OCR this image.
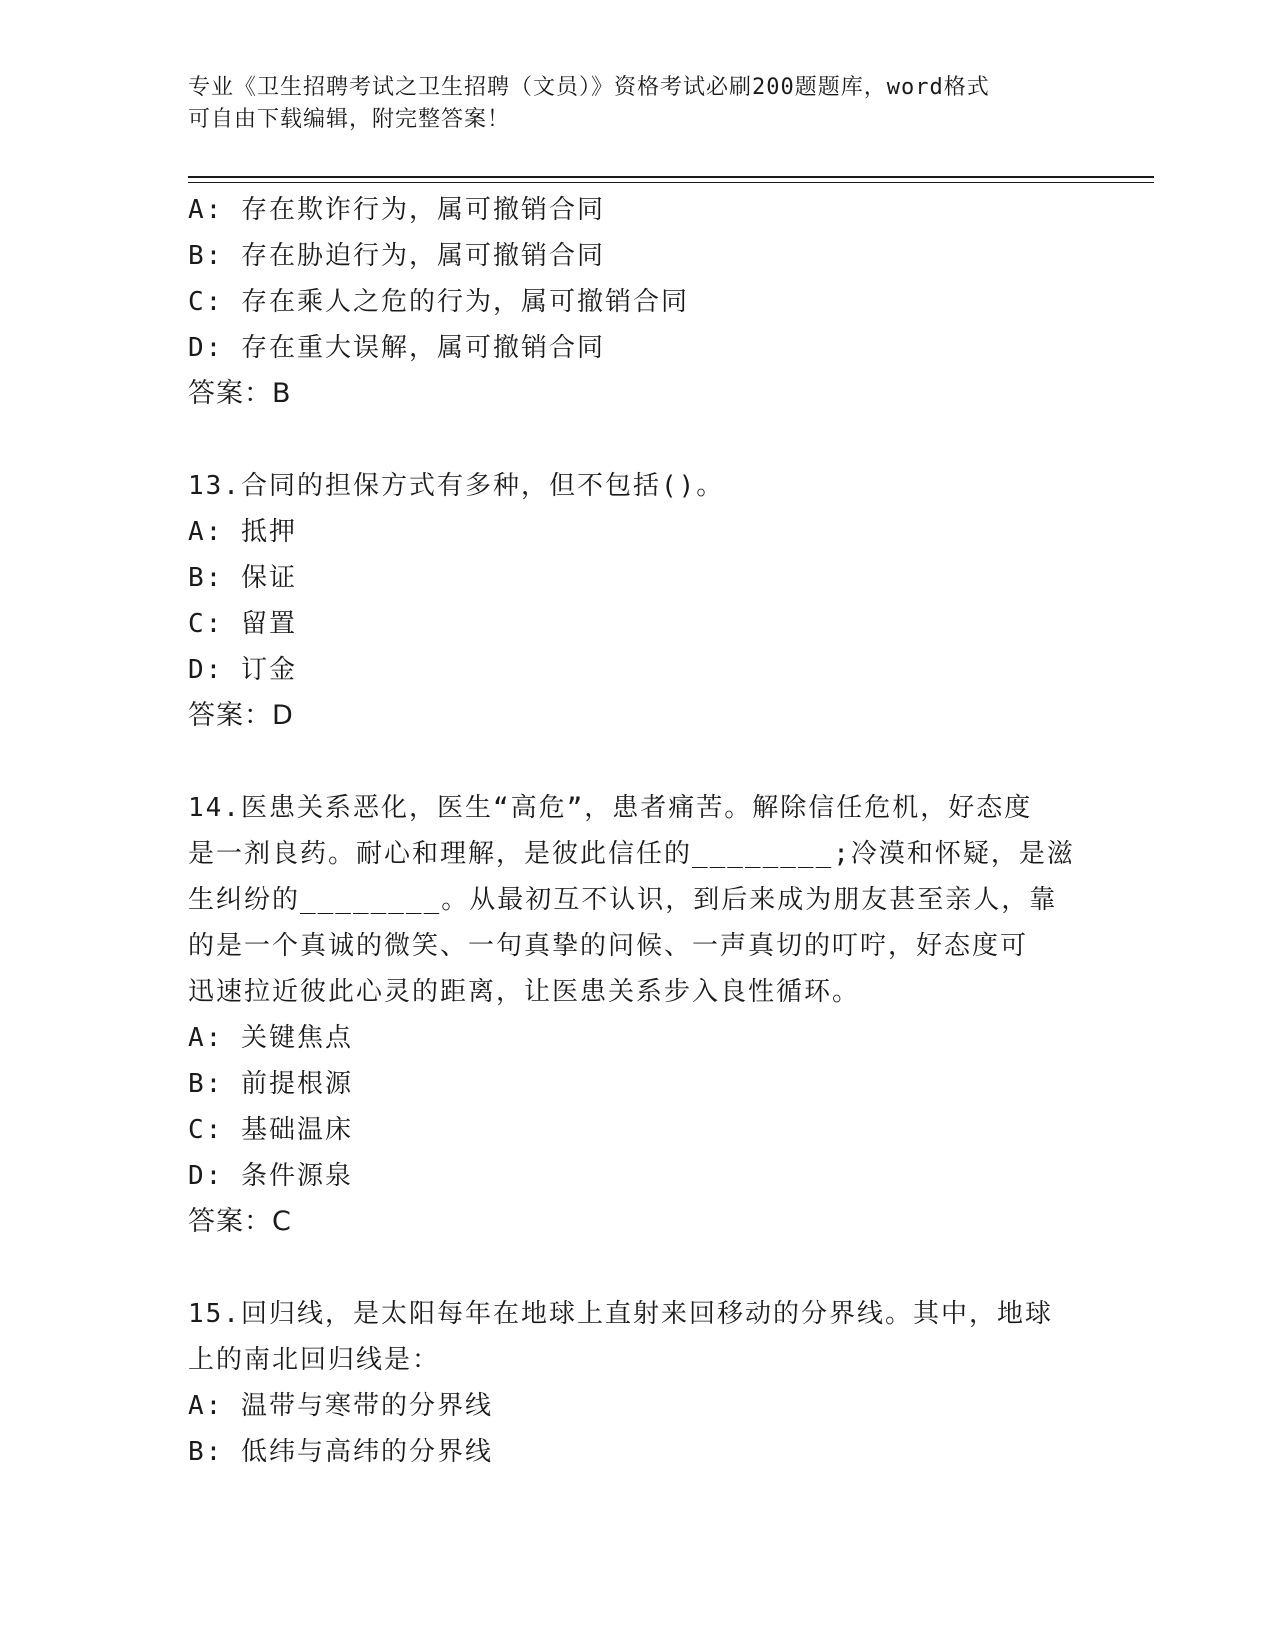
专业《卫生招聘考试之卫生招聘（文员）》资格考试必刷200题题库，word格式
可自由下载编辑，附完整答案！
A: 存在欺诈行为，属可撤销合同
B: 存在胁迫行为，属可撤销合同
C: 存在乘人之危的行为，属可撤销合同
D: 存在重大误解，属可撤销合同
答案：B
13.合同的担保方式有多种，但不包括()。
A: 抵押
B: 保证
C: 留置
D: 订金
答案：D
14.医患关系恶化，医生“高危”，患者痛苦。解除信任危机，好态度
是一剂良药。耐心和理解，是彼此信任的________;冷漠和怀疑，是滋
生纠纷的________。从最初互不认识，到后来成为朋友甚至亲人，靠
的是一个真诚的微笑、一句真挚的问候、一声真切的叮咛，好态度可
迅速拉近彼此心灵的距离，让医患关系步入良性循环。
A: 关键焦点
B: 前提根源
C: 基础温床
D: 条件源泉
答案：C
15.回归线，是太阳每年在地球上直射来回移动的分界线。其中，地球
上的南北回归线是：
A: 温带与寒带的分界线
B: 低纬与高纬的分界线
